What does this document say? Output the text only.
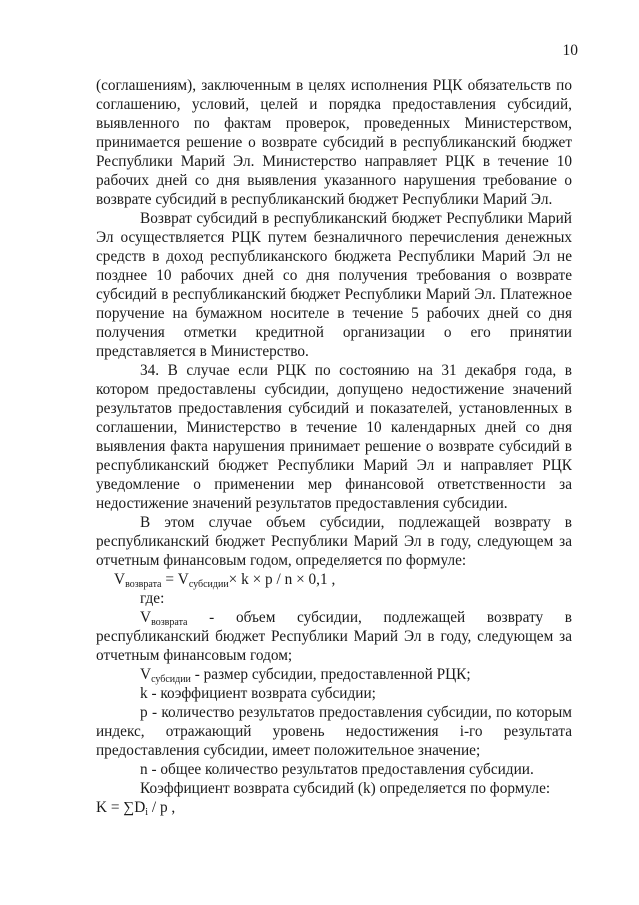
10

(соглашениям), заключенным в целях исполнения РЦК обязательств по соглашению, условий, целей и порядка предоставления субсидий, выявленного по фактам проверок, проведенных Министерством, принимается решение о возврате субсидий в республиканский бюджет Республики Марий Эл. Министерство направляет РЦК в течение 10 рабочих дней со дня выявления указанного нарушения требование о возврате субсидий в республиканский бюджет Республики Марий Эл.

Возврат субсидий в республиканский бюджет Республики Марий Эл осуществляется РЦК путем безналичного перечисления денежных средств в доход республиканского бюджета Республики Марий Эл не позднее 10 рабочих дней со дня получения требования о возврате субсидий в республиканский бюджет Республики Марий Эл. Платежное поручение на бумажном носителе в течение 5 рабочих дней со дня получения отметки кредитной организации о его принятии представляется в Министерство.

34. В случае если РЦК по состоянию на 31 декабря года, в котором предоставлены субсидии, допущено недостижение значений результатов предоставления субсидий и показателей, установленных в соглашении, Министерство в течение 10 календарных дней со дня выявления факта нарушения принимает решение о возврате субсидий в республиканский бюджет Республики Марий Эл и направляет РЦК уведомление о применении мер финансовой ответственности за недостижение значений результатов предоставления субсидии.

В этом случае объем субсидии, подлежащей возврату в республиканский бюджет Республики Марий Эл в году, следующем за отчетным финансовым годом, определяется по формуле:

$V_{возврата} = V_{субсидии}\times k \times p / n \times 0,1$ ,

где:

$V_{возврата}$ - объем субсидии, подлежащей возврату в республиканский бюджет Республики Марий Эл в году, следующем за отчетным финансовым годом;

$V_{субсидии}$ - размер субсидии, предоставленной РЦК;

k - коэффициент возврата субсидии;

p - количество результатов предоставления субсидии, по которым индекс, отражающий уровень недостижения i-го результата предоставления субсидии, имеет положительное значение;

n - общее количество результатов предоставления субсидии.

Коэффициент возврата субсидий (k) определяется по формуле:

$K = \sum D_i / p$ ,
